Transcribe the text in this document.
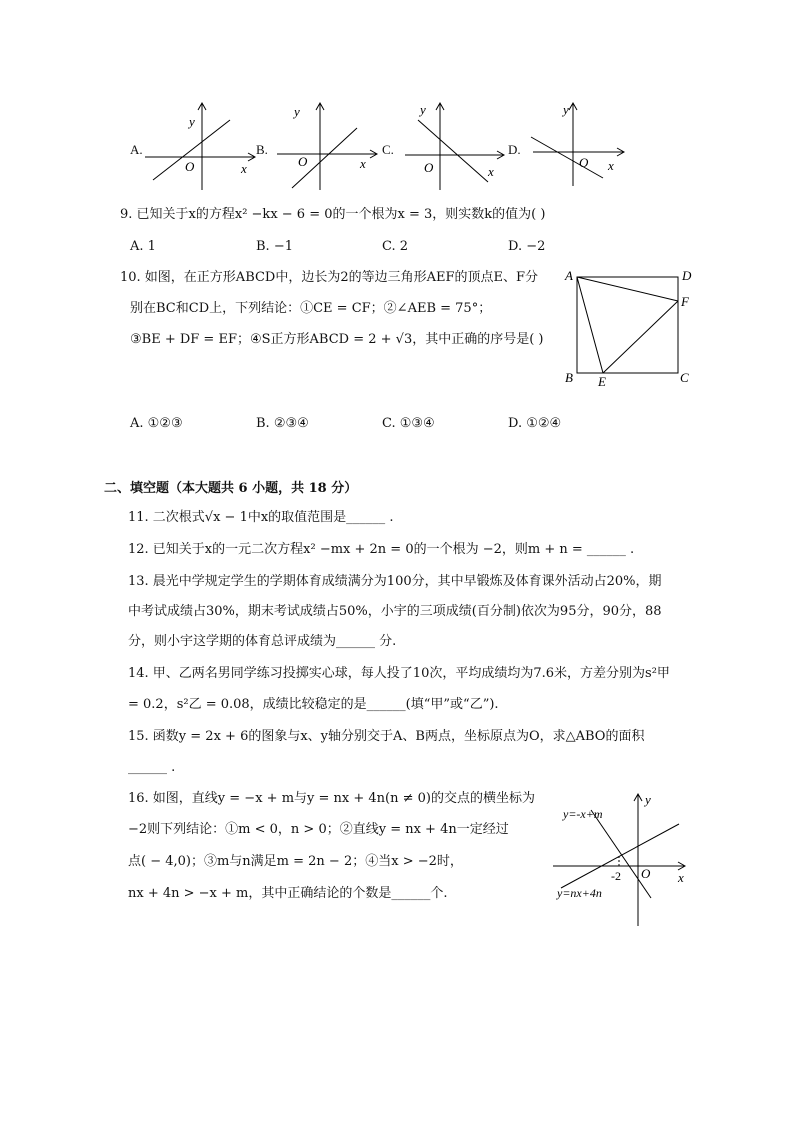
A.
y
x
O
B.
y
x
O
C.
y
x
O
D.
y
x
O
9. 已知关于x的方程x² −kx − 6 = 0的一个根为x = 3，则实数k的值为( )
A. 1	B. −1	C. 2	D. −2
10. 如图，在正方形ABCD中，边长为2的等边三角形AEF的顶点E、F分
别在BC和CD上，下列结论：①CE = CF；②∠AEB = 75°；
③BE + DF = EF；④S正方形ABCD = 2 + √3，其中正确的序号是( )
A	D
F
B E	C
A. ①②③	B. ②③④	C. ①③④	D. ①②④
二、填空题（本大题共 6 小题，共 18 分）
11. 二次根式√x − 1中x的取值范围是______ .
12. 已知关于x的一元二次方程x² −mx + 2n = 0的一个根为 −2，则m + n = ______ .
13. 晨光中学规定学生的学期体育成绩满分为100分，其中早锻炼及体育课外活动占20%，期
中考试成绩占30%，期末考试成绩占50%，小宇的三项成绩(百分制)依次为95分，90分，88
分，则小宇这学期的体育总评成绩为______ 分.
14. 甲、乙两名男同学练习投掷实心球，每人投了10次，平均成绩均为7.6米，方差分别为s²甲
= 0.2，s²乙 = 0.08，成绩比较稳定的是______(填“甲”或“乙”).
15. 函数y = 2x + 6的图象与x、y轴分别交于A、B两点，坐标原点为O，求△ABO的面积
______ .
16. 如图，直线y = −x + m与y = nx + 4n(n ≠ 0)的交点的横坐标为
−2则下列结论：①m < 0，n > 0；②直线y = nx + 4n一定经过
点( − 4,0)；③m与n满足m = 2n − 2；④当x > −2时，
nx + 4n > −x + m，其中正确结论的个数是______个.
y
x
O
-2
y=-x+m
y=nx+4n
